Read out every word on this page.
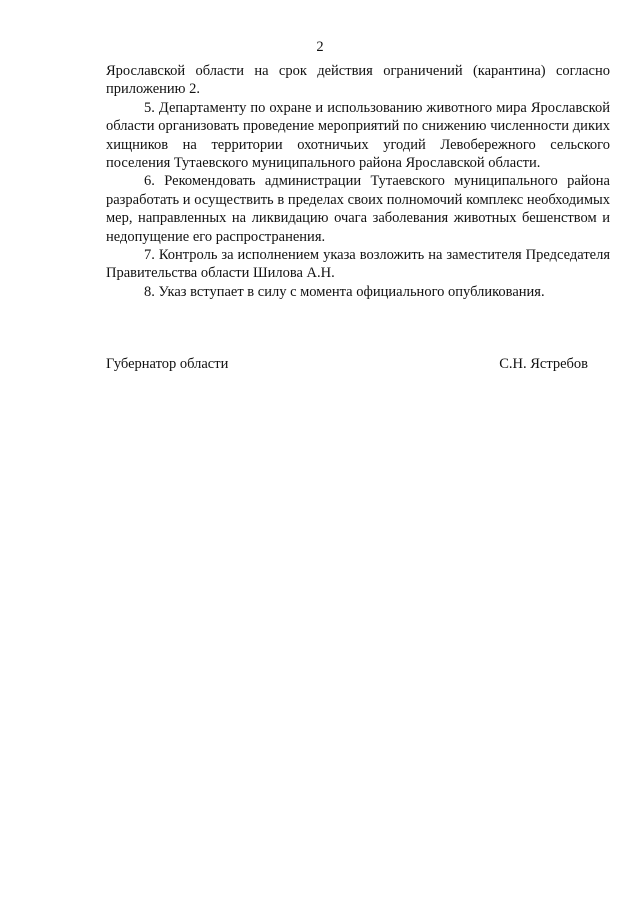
2

Ярославской области на срок действия ограничений (карантина) согласно приложению 2.

5. Департаменту по охране и использованию животного мира Ярославской области организовать проведение мероприятий по снижению численности диких хищников на территории охотничьих угодий Левобережного сельского поселения Тутаевского муниципального района Ярославской области.

6. Рекомендовать администрации Тутаевского муниципального района разработать и осуществить в пределах своих полномочий комплекс необходимых мер, направленных на ликвидацию очага заболевания животных бешенством и недопущение его распространения.

7. Контроль за исполнением указа возложить на заместителя Председателя Правительства области Шилова А.Н.

8. Указ вступает в силу с момента официального опубликования.

Губернатор области	С.Н. Ястребов
